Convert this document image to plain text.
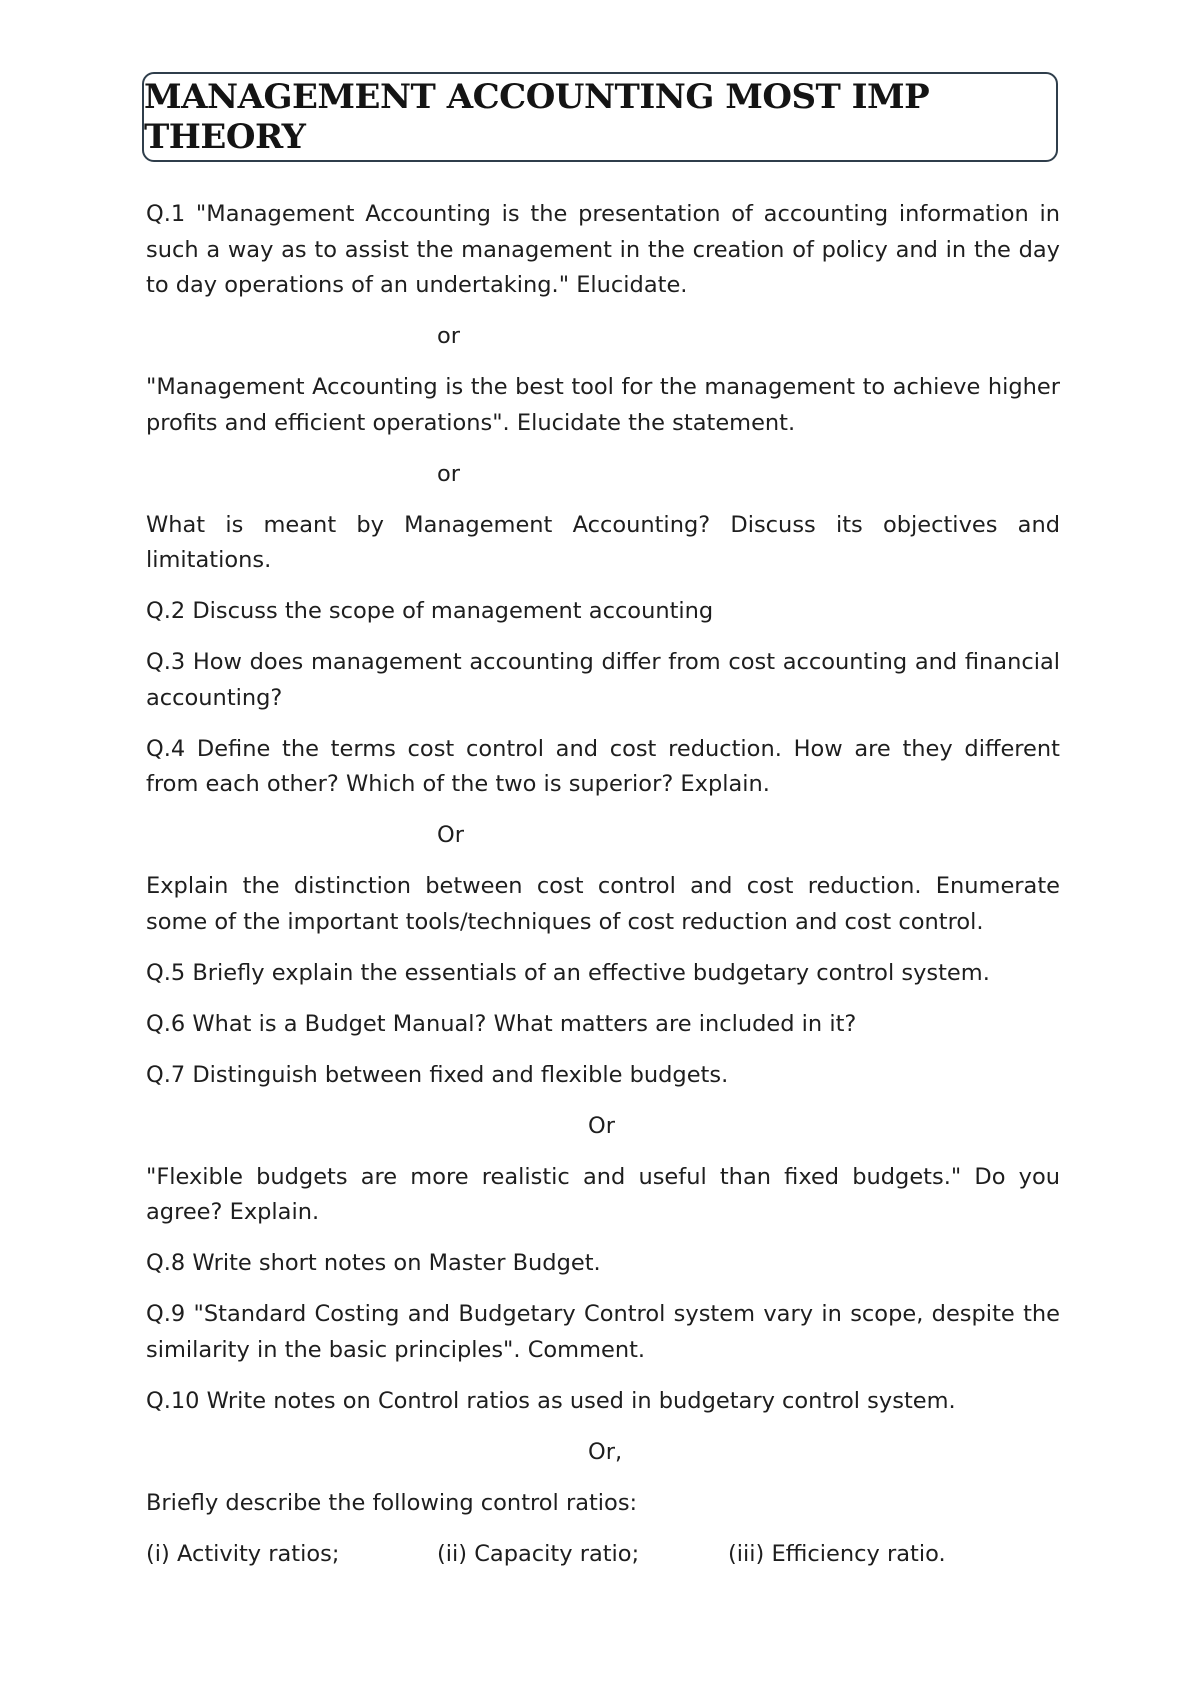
MANAGEMENT ACCOUNTING MOST IMP THEORY

Q.1 "Management Accounting is the presentation of accounting information in such a way as to assist the management in the creation of policy and in the day to day operations of an undertaking." Elucidate.

or

"Management Accounting is the best tool for the management to achieve higher profits and efficient operations". Elucidate the statement.

or

What is meant by Management Accounting? Discuss its objectives and limitations.

Q.2 Discuss the scope of management accounting

Q.3 How does management accounting differ from cost accounting and financial accounting?

Q.4 Define the terms cost control and cost reduction. How are they different from each other? Which of the two is superior? Explain.

Or

Explain the distinction between cost control and cost reduction. Enumerate some of the important tools/techniques of cost reduction and cost control.

Q.5 Briefly explain the essentials of an effective budgetary control system.

Q.6 What is a Budget Manual? What matters are included in it?

Q.7 Distinguish between fixed and flexible budgets.

Or

"Flexible budgets are more realistic and useful than fixed budgets." Do you agree? Explain.

Q.8 Write short notes on Master Budget.

Q.9 "Standard Costing and Budgetary Control system vary in scope, despite the similarity in the basic principles". Comment.

Q.10 Write notes on Control ratios as used in budgetary control system.

Or,

Briefly describe the following control ratios:

(i) Activity ratios;	(ii) Capacity ratio;	(iii) Efficiency ratio.
